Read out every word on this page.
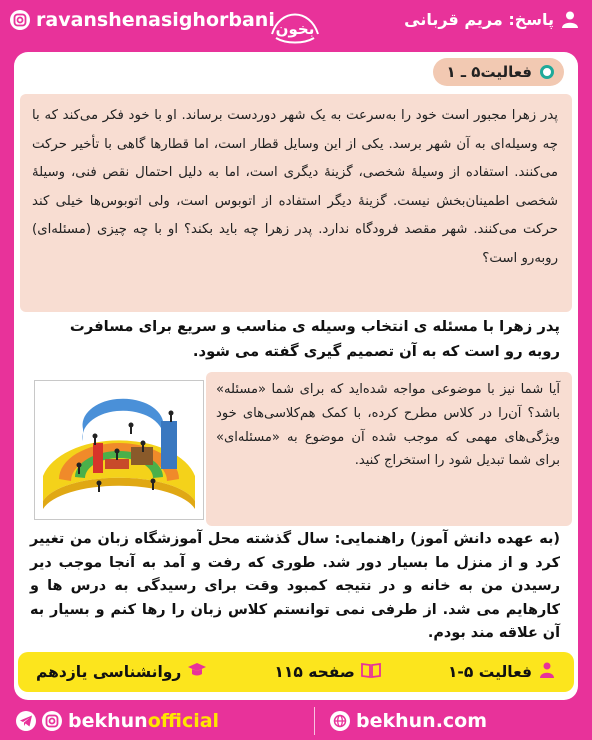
ravanshenasighorbani بخون
پاسخ: مریم قربانی
فعالیت۵ ـ ۱

پدر زهرا مجبور است خود را به‌سرعت به یک شهر دوردست برساند. او با خود فکر می‌کند که با چه وسیله‌ای به آن شهر برسد. یکی از این وسایل قطار است، اما قطارها گاهی با تأخیر حرکت می‌کنند. استفاده از وسیلهٔ شخصی، گزینهٔ دیگری است، اما به دلیل احتمال نقص فنی، وسیلهٔ شخصی اطمینان‌بخش نیست. گزینهٔ دیگر استفاده از اتوبوس است، ولی اتوبوس‌ها خیلی کند حرکت می‌کنند. شهر مقصد فرودگاه ندارد. پدر زهرا چه باید بکند؟ او با چه چیزی (مسئله‌ای) روبه‌رو است؟

پدر زهرا با مسئله ی انتخاب وسیله ی مناسب و سریع برای مسافرت روبه رو است که به آن تصمیم گیری گفته می شود.

آیا شما نیز با موضوعی مواجه شده‌اید که برای شما «مسئله» باشد؟ آن‌را در کلاس مطرح کرده، با کمک هم‌کلاسی‌های خود ویژگی‌های مهمی که موجب شده آن موضوع به «مسئله‌ای» برای شما تبدیل شود را استخراج کنید.

(به عهده دانش آموز) راهنمایی: سال گذشته محل آموزشگاه زبان من تغییر کرد و از منزل ما بسیار دور شد. طوری که رفت و آمد به آنجا موجب دیر رسیدن من به خانه و در نتیجه کمبود وقت برای رسیدگی به درس ها و کارهایم می شد. از طرفی نمی توانستم کلاس زبان را رها کنم و بسیار به آن علاقه مند بودم.

فعالیت ۵-۱
صفحه ۱۱۵
روانشناسی یازدهم
bekhunofficial	bekhun.com
